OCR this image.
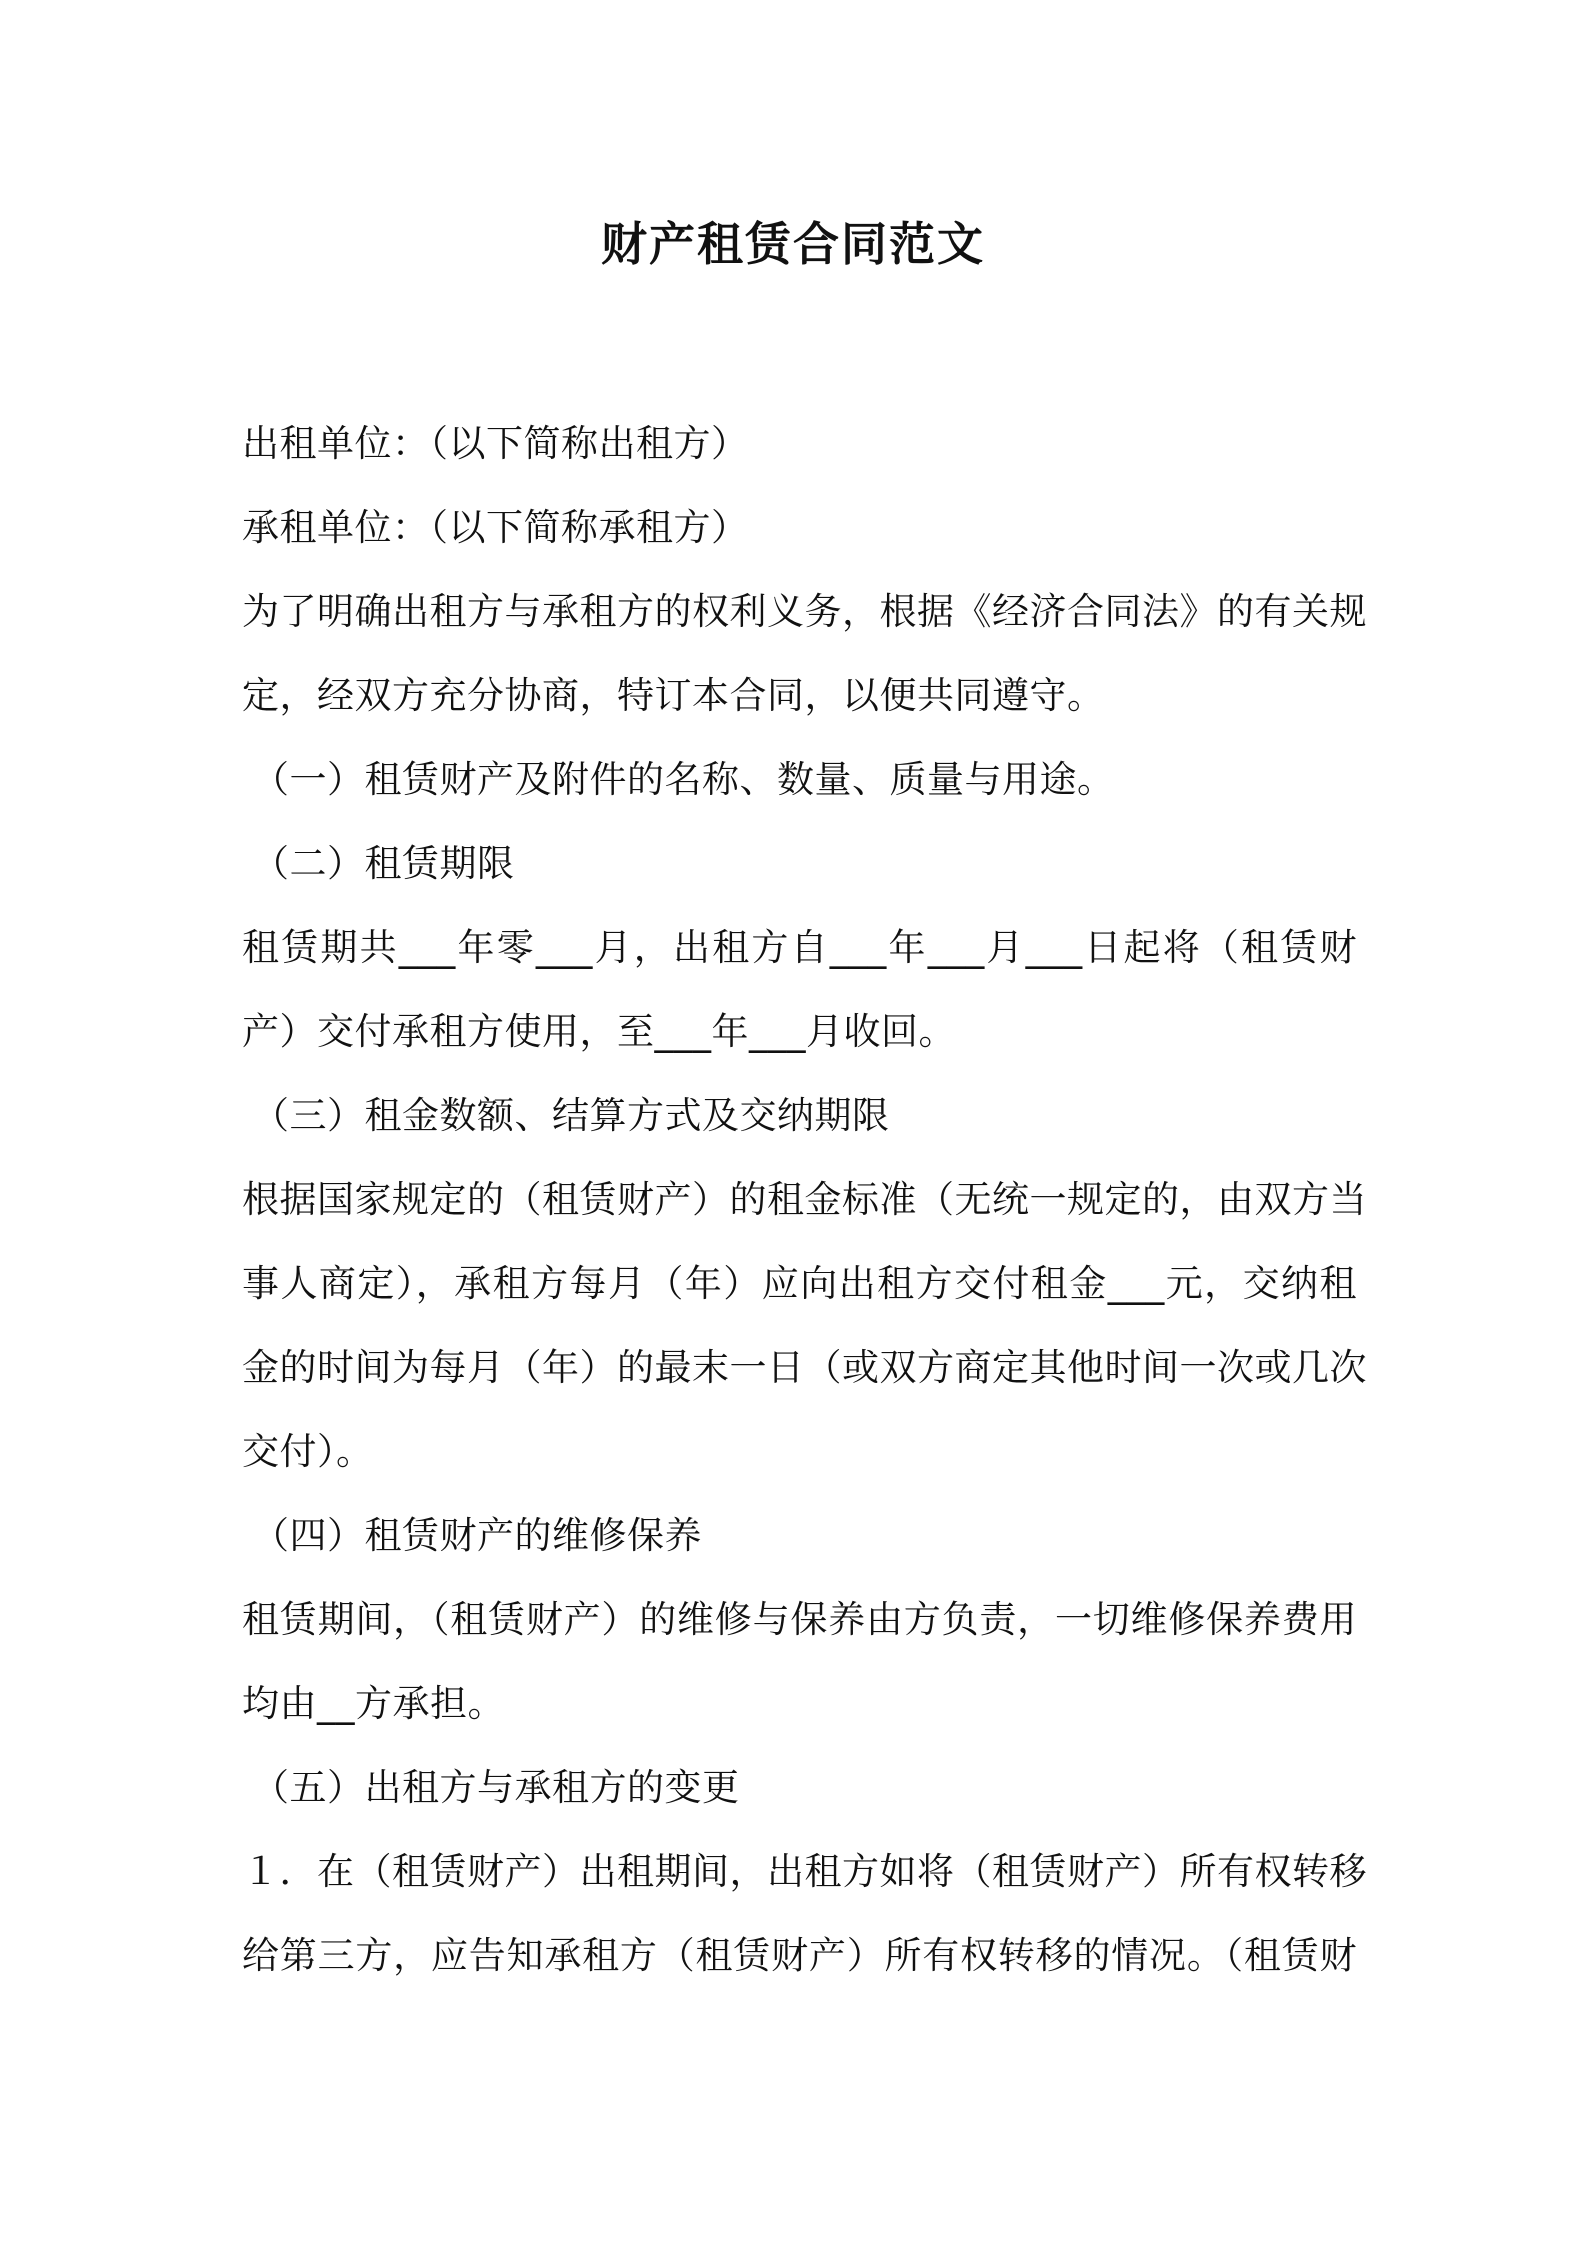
财产租赁合同范文
出租单位：（以下简称出租方）
承租单位：（以下简称承租方）
为了明确出租方与承租方的权利义务，根据《经济合同法》的有关规
定，经双方充分协商，特订本合同，以便共同遵守。
（一）租赁财产及附件的名称、数量、质量与用途。
（二）租赁期限
租赁期共___年零___月，出租方自___年___月___日起将（租赁财
产）交付承租方使用，至___年___月收回。
（三）租金数额、结算方式及交纳期限
根据国家规定的（租赁财产）的租金标准（无统一规定的，由双方当
事人商定），承租方每月（年）应向出租方交付租金___元，交纳租
金的时间为每月（年）的最末一日（或双方商定其他时间一次或几次
交付）。
（四）租赁财产的维修保养
租赁期间，（租赁财产）的维修与保养由方负责，一切维修保养费用
均由__方承担。
（五）出租方与承租方的变更
１．在（租赁财产）出租期间，出租方如将（租赁财产）所有权转移
给第三方，应告知承租方（租赁财产）所有权转移的情况。（租赁财
